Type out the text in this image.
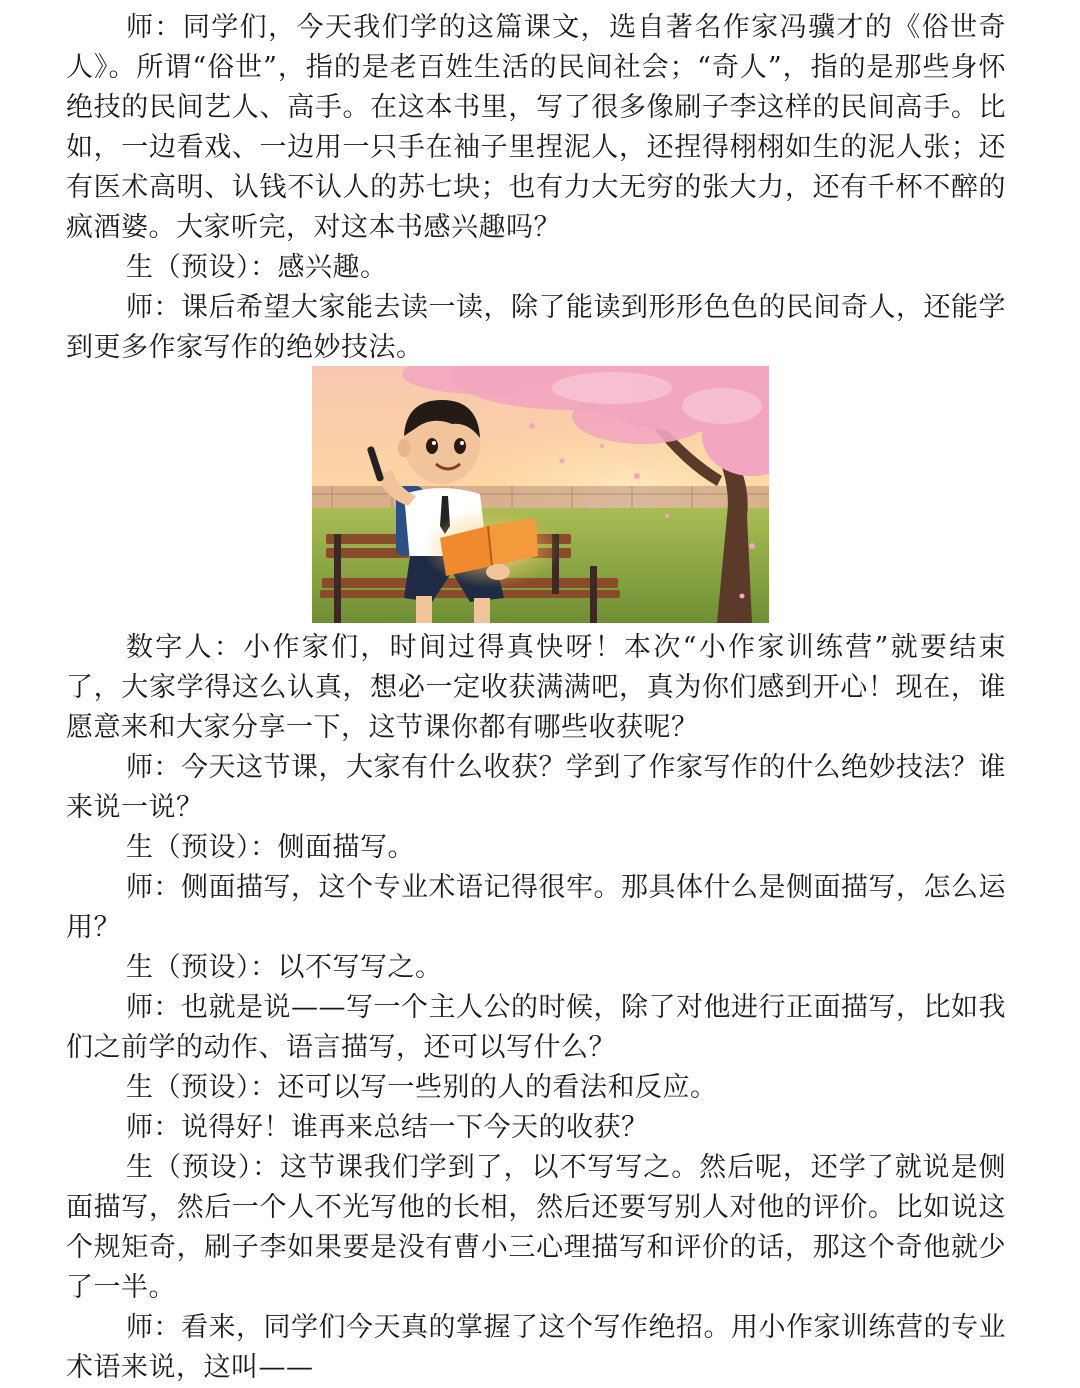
师：同学们，今天我们学的这篇课文，选自著名作家冯骥才的《俗世奇人》。所谓“俗世”，指的是老百姓生活的民间社会；“奇人”，指的是那些身怀绝技的民间艺人、高手。在这本书里，写了很多像刷子李这样的民间高手。比如，一边看戏、一边用一只手在袖子里捏泥人，还捏得栩栩如生的泥人张；还有医术高明、认钱不认人的苏七块；也有力大无穷的张大力，还有千杯不醉的疯酒婆。大家听完，对这本书感兴趣吗？

生（预设）：感兴趣。

师：课后希望大家能去读一读，除了能读到形形色色的民间奇人，还能学到更多作家写作的绝妙技法。

数字人：小作家们，时间过得真快呀！本次“小作家训练营”就要结束了，大家学得这么认真，想必一定收获满满吧，真为你们感到开心！现在，谁愿意来和大家分享一下，这节课你都有哪些收获呢？

师：今天这节课，大家有什么收获？学到了作家写作的什么绝妙技法？谁来说一说？

生（预设）：侧面描写。

师：侧面描写，这个专业术语记得很牢。那具体什么是侧面描写，怎么运用？

生（预设）：以不写写之。

师：也就是说——写一个主人公的时候，除了对他进行正面描写，比如我们之前学的动作、语言描写，还可以写什么？

生（预设）：还可以写一些别的人的看法和反应。

师：说得好！谁再来总结一下今天的收获？

生（预设）：这节课我们学到了，以不写写之。然后呢，还学了就说是侧面描写，然后一个人不光写他的长相，然后还要写别人对他的评价。比如说这个规矩奇，刷子李如果要是没有曹小三心理描写和评价的话，那这个奇他就少了一半。

师：看来，同学们今天真的掌握了这个写作绝招。用小作家训练营的专业术语来说，这叫——
